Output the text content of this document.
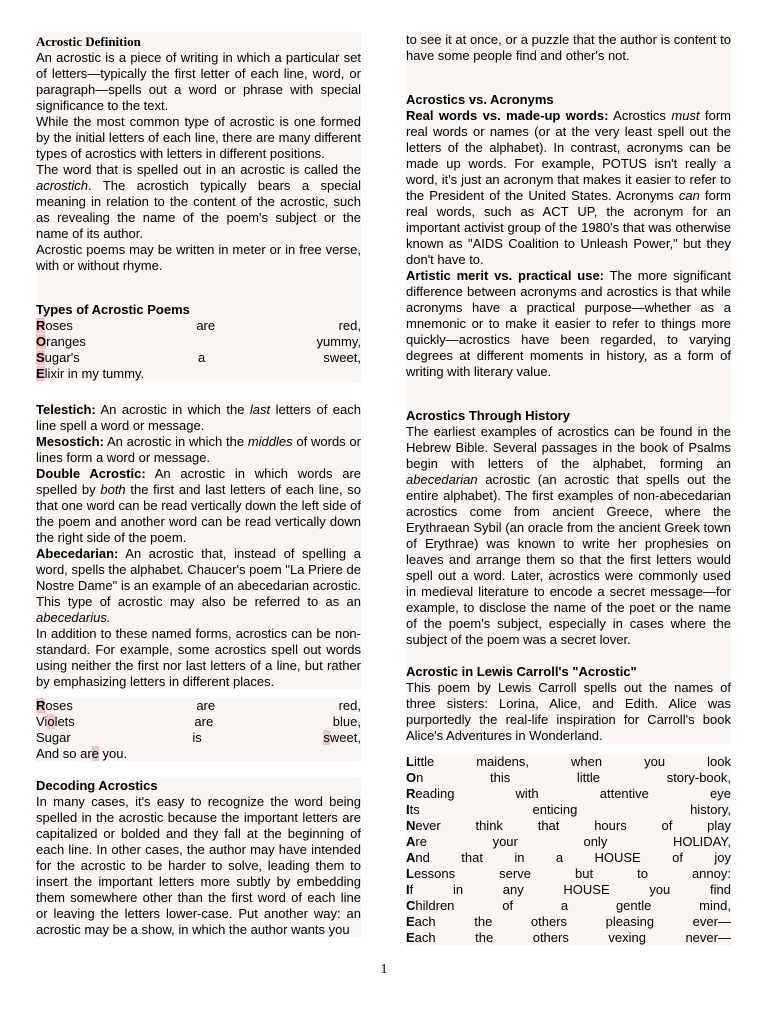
Acrostic Definition

An acrostic is a piece of writing in which a particular set of letters—typically the first letter of each line, word, or paragraph—spells out a word or phrase with special significance to the text.

While the most common type of acrostic is one formed by the initial letters of each line, there are many different types of acrostics with letters in different positions.

The word that is spelled out in an acrostic is called the acrostich. The acrostich typically bears a special meaning in relation to the content of the acrostic, such as revealing the name of the poem's subject or the name of its author.

Acrostic poems may be written in meter or in free verse, with or without rhyme.

Types of Acrostic Poems
Roses	are	red,
Oranges	yummy,
Sugar's	a	sweet,
Elixir in my tummy.

Telestich: An acrostic in which the last letters of each line spell a word or message.

Mesostich: An acrostic in which the middles of words or lines form a word or message.

Double Acrostic: An acrostic in which words are spelled by both the first and last letters of each line, so that one word can be read vertically down the left side of the poem and another word can be read vertically down the right side of the poem.

Abecedarian: An acrostic that, instead of spelling a word, spells the alphabet. Chaucer's poem "La Priere de Nostre Dame" is an example of an abecedarian acrostic. This type of acrostic may also be referred to as an abecedarius.

In addition to these named forms, acrostics can be non-standard. For example, some acrostics spell out words using neither the first nor last letters of a line, but rather by emphasizing letters in different places.

Roses	are	red,
Violets	are	blue,
Sugar	is	sweet,
And so are you.
Decoding Acrostics

In many cases, it's easy to recognize the word being spelled in the acrostic because the important letters are capitalized or bolded and they fall at the beginning of each line. In other cases, the author may have intended for the acrostic to be harder to solve, leading them to insert the important letters more subtly by embedding them somewhere other than the first word of each line or leaving the letters lower-case. Put another way: an acrostic may be a show, in which the author wants you

to see it at once, or a puzzle that the author is content to have some people find and other's not.

Acrostics vs. Acronyms

Real words vs. made-up words: Acrostics must form real words or names (or at the very least spell out the letters of the alphabet). In contrast, acronyms can be made up words. For example, POTUS isn't really a word, it's just an acronym that makes it easier to refer to the President of the United States. Acronyms can form real words, such as ACT UP, the acronym for an important activist group of the 1980's that was otherwise known as "AIDS Coalition to Unleash Power," but they don't have to.

Artistic merit vs. practical use: The more significant difference between acronyms and acrostics is that while acronyms have a practical purpose—whether as a mnemonic or to make it easier to refer to things more quickly—acrostics have been regarded, to varying degrees at different moments in history, as a form of writing with literary value.

Acrostics Through History

The earliest examples of acrostics can be found in the Hebrew Bible. Several passages in the book of Psalms begin with letters of the alphabet, forming an abecedarian acrostic (an acrostic that spells out the entire alphabet). The first examples of non-abecedarian acrostics come from ancient Greece, where the Erythraean Sybil (an oracle from the ancient Greek town of Erythrae) was known to write her prophesies on leaves and arrange them so that the first letters would spell out a word. Later, acrostics were commonly used in medieval literature to encode a secret message—for example, to disclose the name of the poet or the name of the poem's subject, especially in cases where the subject of the poem was a secret lover.

Acrostic in Lewis Carroll's "Acrostic"

This poem by Lewis Carroll spells out the names of three sisters: Lorina, Alice, and Edith. Alice was purportedly the real-life inspiration for Carroll's book Alice's Adventures in Wonderland.

Little	maidens,	when	you	look
On	this	little	story-book,
Reading	with	attentive	eye
Its	enticing	history,
Never	think	that	hours	of	play
Are	your	only	HOLIDAY,
And that in a HOUSE of joy
Lessons	serve	but	to	annoy:
If	in	any	HOUSE	you	find
Children	of	a	gentle	mind,
Each	the	others	pleasing	ever—
Each	the	others	vexing	never—
1
